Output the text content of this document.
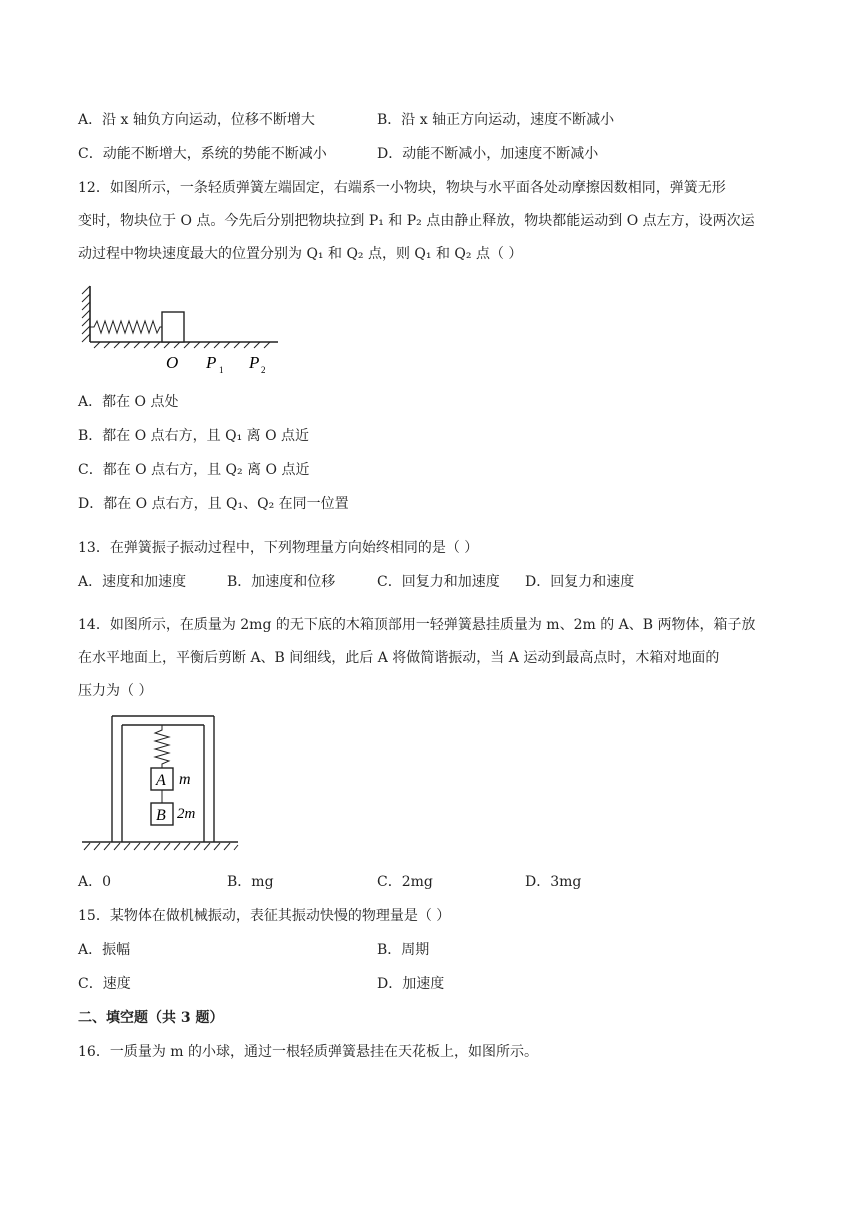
A．沿 x 轴负方向运动，位移不断增大	B．沿 x 轴正方向运动，速度不断减小
C．动能不断增大，系统的势能不断减小	D．动能不断减小，加速度不断减小
12．如图所示，一条轻质弹簧左端固定，右端系一小物块，物块与水平面各处动摩擦因数相同，弹簧无形
变时，物块位于 O 点。今先后分别把物块拉到 P₁ 和 P₂ 点由静止释放，物块都能运动到 O 点左方，设两次运
动过程中物块速度最大的位置分别为 Q₁ 和 Q₂ 点，则 Q₁ 和 Q₂ 点（ ）
O P 1 P 2
A．都在 O 点处
B．都在 O 点右方，且 Q₁ 离 O 点近
C．都在 O 点右方，且 Q₂ 离 O 点近
D．都在 O 点右方，且 Q₁、Q₂ 在同一位置
13．在弹簧振子振动过程中，下列物理量方向始终相同的是（ ）
A．速度和加速度	B．加速度和位移	C．回复力和加速度 D．回复力和速度
14．如图所示，在质量为 2mg 的无下底的木箱顶部用一轻弹簧悬挂质量为 m、2m 的 A、B 两物体，箱子放
在水平地面上，平衡后剪断 A、B 间细线，此后 A 将做简谐振动，当 A 运动到最高点时，木箱对地面的
压力为（ ）
A m
B 2m
A．0	B．mg	C．2mg	D．3mg
15．某物体在做机械振动，表征其振动快慢的物理量是（ ）
A．振幅	B．周期
C．速度	D．加速度
二、填空题（共 3 题）
16．一质量为 m 的小球，通过一根轻质弹簧悬挂在天花板上，如图所示。
